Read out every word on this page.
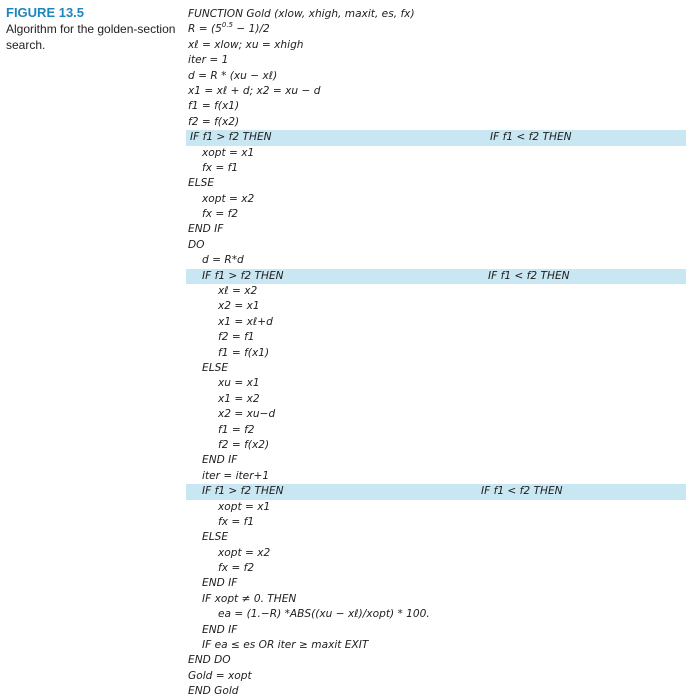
FIGURE 13.5
Algorithm for the golden-section search.
FUNCTION Gold (xlow, xhigh, maxit, es, fx)
$R = (5^{0.5} - 1)/2$
xℓ = xlow; xu = xhigh
iter = 1
d = R * (xu − xℓ)
x1 = xℓ + d; x2 = xu − d
f1 = f(x1)
f2 = f(x2)
IF f1 > f2 THEN	IF f1 < f2 THEN
xopt = x1
fx = f1
ELSE
xopt = x2
fx = f2
END IF
DO
d = R*d
IF f1 > f2 THEN	IF f1 < f2 THEN
xℓ = x2
x2 = x1
x1 = xℓ+d
f2 = f1
f1 = f(x1)
ELSE
xu = x1
x1 = x2
x2 = xu−d
f1 = f2
f2 = f(x2)
END IF
iter = iter+1
IF f1 > f2 THEN	IF f1 < f2 THEN
xopt = x1
fx = f1
ELSE
xopt = x2
fx = f2
END IF
IF xopt ≠ 0. THEN
ea = (1.−R) *ABS((xu − xℓ)/xopt) * 100.
END IF
IF ea ≤ es OR iter ≥ maxit EXIT
END DO
Gold = xopt
END Gold
